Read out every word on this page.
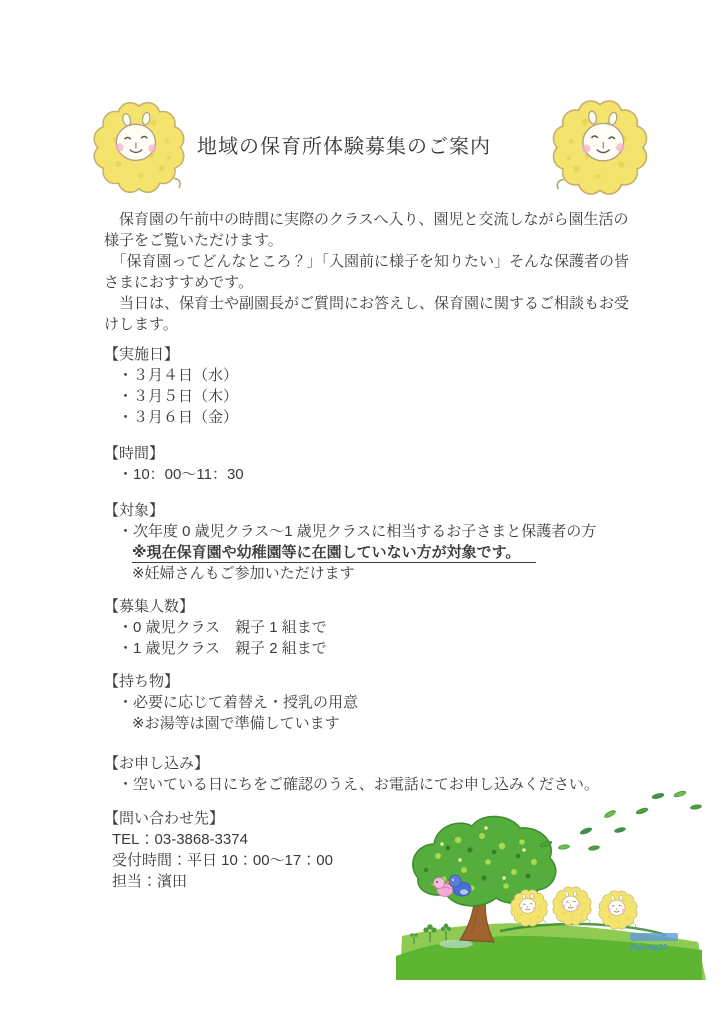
地域の保育所体験募集のご案内

　保育園の午前中の時間に実際のクラスへ入り、園児と交流しながら園生活の様子をご覧いただけます。

　「保育園ってどんなところ？」「入園前に様子を知りたい」そんな保護者の皆さまにおすすめです。

　当日は、保育士や副園長がご質問にお答えし、保育園に関するご相談もお受けします。

【実施日】
・３月４日（水）
・３月５日（木）
・３月６日（金）
【時間】
・10：00～11：30
【対象】
・次年度 0 歳児クラス～1 歳児クラスに相当するお子さまと保護者の方
※現在保育園や幼稚園等に在園していない方が対象です。
※妊婦さんもご参加いただけます
【募集人数】
・0 歳児クラス　親子 1 組まで
・1 歳児クラス　親子 2 組まで
【持ち物】
・必要に応じて着替え・授乳の用意
※お湯等は園で準備しています
【お申し込み】
・空いている日にちをご確認のうえ、お電話にてお申し込みください。
【問い合わせ先】
TEL：03-3868-3374
受付時間：平日 10：00～17：00
担当：濱田
Psalms23
